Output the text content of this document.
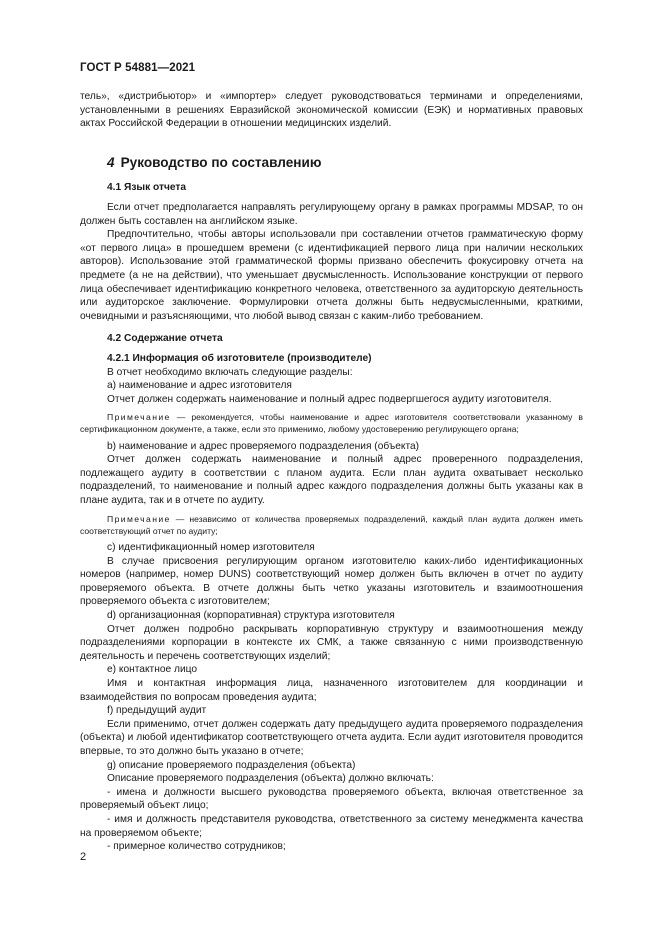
ГОСТ Р 54881—2021

тель», «дистрибьютор» и «импортер» следует руководствоваться терминами и определениями, установленными в решениях Евразийской экономической комиссии (ЕЭК) и нормативных правовых актах Российской Федерации в отношении медицинских изделий.

4 Руководство по составлению

4.1 Язык отчета

Если отчет предполагается направлять регулирующему органу в рамках программы MDSAP, то он должен быть составлен на английском языке.

Предпочтительно, чтобы авторы использовали при составлении отчетов грамматическую форму «от первого лица» в прошедшем времени (с идентификацией первого лица при наличии нескольких авторов). Использование этой грамматической формы призвано обеспечить фокусировку отчета на предмете (а не на действии), что уменьшает двусмысленность. Использование конструкции от первого лица обеспечивает идентификацию конкретного человека, ответственного за аудиторскую деятельность или аудиторское заключение. Формулировки отчета должны быть недвусмысленными, краткими, очевидными и разъясняющими, что любой вывод связан с каким-либо требованием.

4.2 Содержание отчета

4.2.1 Информация об изготовителе (производителе)

В отчет необходимо включать следующие разделы:

а) наименование и адрес изготовителя

Отчет должен содержать наименование и полный адрес подвергшегося аудиту изготовителя.

Примечание — рекомендуется, чтобы наименование и адрес изготовителя соответствовали указанному в сертификационном документе, а также, если это применимо, любому удостоверению регулирующего органа;

b) наименование и адрес проверяемого подразделения (объекта)

Отчет должен содержать наименование и полный адрес проверенного подразделения, подлежащего аудиту в соответствии с планом аудита. Если план аудита охватывает несколько подразделений, то наименование и полный адрес каждого подразделения должны быть указаны как в плане аудита, так и в отчете по аудиту.

Примечание — независимо от количества проверяемых подразделений, каждый план аудита должен иметь соответствующий отчет по аудиту;

c) идентификационный номер изготовителя

В случае присвоения регулирующим органом изготовителю каких-либо идентификационных номеров (например, номер DUNS) соответствующий номер должен быть включен в отчет по аудиту проверяемого объекта. В отчете должны быть четко указаны изготовитель и взаимоотношения проверяемого объекта с изготовителем;

d) организационная (корпоративная) структура изготовителя

Отчет должен подробно раскрывать корпоративную структуру и взаимоотношения между подразделениями корпорации в контексте их СМК, а также связанную с ними производственную деятельность и перечень соответствующих изделий;

e) контактное лицо

Имя и контактная информация лица, назначенного изготовителем для координации и взаимодействия по вопросам проведения аудита;

f) предыдущий аудит

Если применимо, отчет должен содержать дату предыдущего аудита проверяемого подразделения (объекта) и любой идентификатор соответствующего отчета аудита. Если аудит изготовителя проводится впервые, то это должно быть указано в отчете;

g) описание проверяемого подразделения (объекта)

Описание проверяемого подразделения (объекта) должно включать:

- имена и должности высшего руководства проверяемого объекта, включая ответственное за проверяемый объект лицо;

- имя и должность представителя руководства, ответственного за систему менеджмента качества на проверяемом объекте;

- примерное количество сотрудников;

2
